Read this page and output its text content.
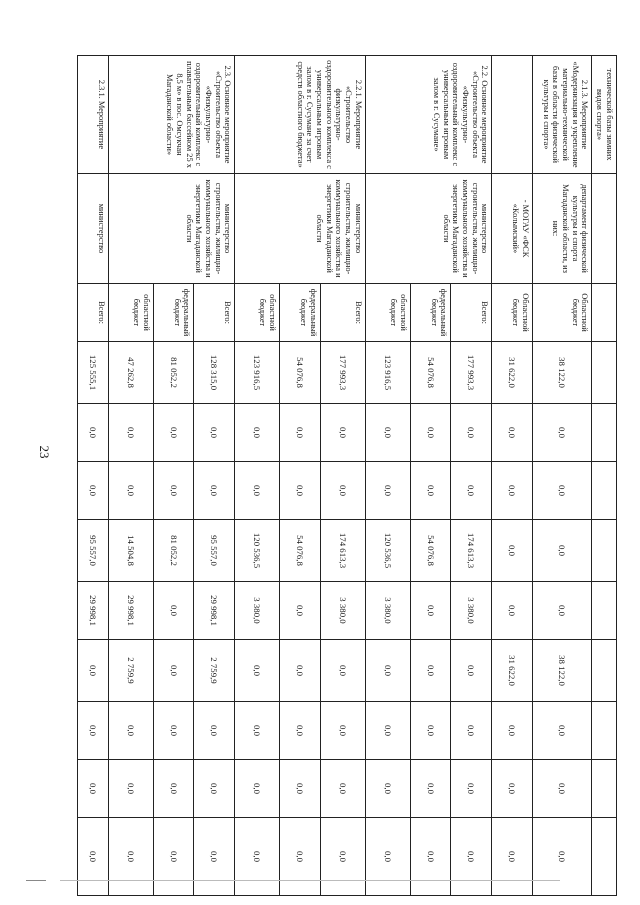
23
технической базы зимних видов спорта»											
2.1.3. Мероприятие «Модернизация и укрепление материально-технической базы в области физической культуры и спорта»	департамент физической культуры и спорта Магаданской области, из них:	Областной бюджет	38 122,0	0,0	0,0	0,0	0,0	38 122,0	0,0	0,0	0,0
	- МОГАУ «ФСК «Колымский»	Областной бюджет	31 622,0	0,0	0,0	0,0	0,0	31 622,0	0,0	0,0	0,0
2.2. Основное мероприятие «Строительство объекта «Физкультурно-оздоровительный комплекс с универсальным игровым залом в г. Сусумане»	министерство строительства, жилищно-коммунального хозяйства и энергетики Магаданской области	Всего:	177 993,3	0,0	0,0	174 613,3	3 380,0	0,0	0,0	0,0	0,0
		федеральный бюджет	54 076,8	0,0	0,0	54 076,8	0,0	0,0	0,0	0,0	0,0
		областной бюджет	123 916,5	0,0	0,0	120 536,5	3 380,0	0,0	0,0	0,0	0,0
2.2.1. Мероприятие «Строительство физкультурно-оздоровительного комплекса с универсальным игровым залом в г. Сусумане за счет средств областного бюджета»	министерство строительства, жилищно-коммунального хозяйства и энергетики Магаданской области	Всего:	177 993,3	0,0	0,0	174 613,3	3 380,0	0,0	0,0	0,0	0,0
		федеральный бюджет	54 076,8	0,0	0,0	54 076,8	0,0	0,0	0,0	0,0	0,0
		областной бюджет	123 916,5	0,0	0,0	120 536,5	3 380,0	0,0	0,0	0,0	0,0
2.3. Основное мероприятие «Строительство объекта «Физкультурно-оздоровительный комплекс с плавательным бассейном 25 х 8,5 м» в пос. Омсукчан Магаданской области»	министерство строительства, жилищно-коммунального хозяйства и энергетики Магаданской области	Всего:	128 315,0	0,0	0,0	95 557,0	29 998,1	2 759,9	0,0	0,0	0,0
		федеральный бюджет	81 052,2	0,0	0,0	81 052,2	0,0	0,0	0,0	0,0	0,0
		областной бюджет	47 262,8	0,0	0,0	14 504,8	29 998,1	2 759,9	0,0	0,0	0,0
2.3.1. Мероприятие	министерство	Всего:	125 555,1	0,0	0,0	95 557,0	29 998,1	0,0	0,0	0,0	0,0
